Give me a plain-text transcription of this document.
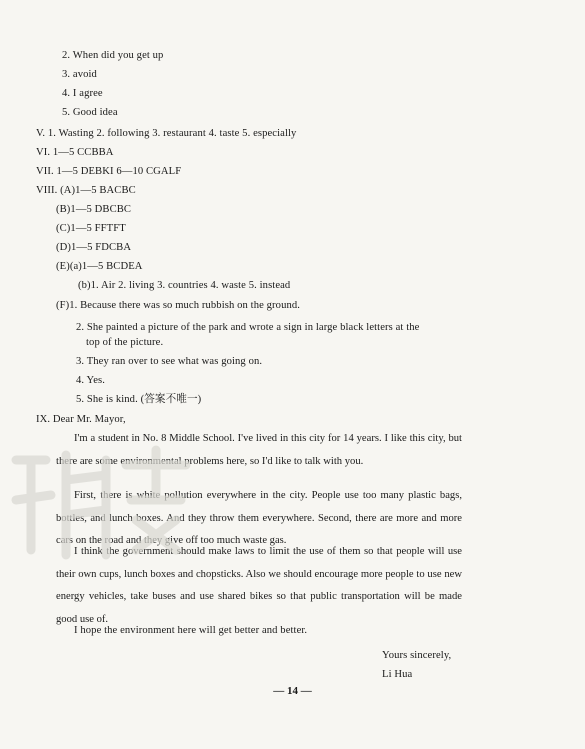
2. When did you get up
3. avoid
4. I agree
5. Good idea
V. 1. Wasting 2. following 3. restaurant 4. taste 5. especially
VI. 1—5 CCBBA
VII. 1—5 DEBKI 6—10 CGALF
VIII. (A)1—5 BACBC
(B)1—5 DBCBC
(C)1—5 FFTFT
(D)1—5 FDCBA
(E)(a)1—5 BCDEA
(b)1. Air 2. living 3. countries 4. waste 5. instead
(F)1. Because there was so much rubbish on the ground.
2. She painted a picture of the park and wrote a sign in large black letters at the
top of the picture.
3. They ran over to see what was going on.
4. Yes.
5. She is kind. (答案不唯一)
IX. Dear Mr. Mayor,
I'm a student in No. 8 Middle School. I've lived in this city for 14 years. I like this city, but there are some environmental problems here, so I'd like to talk with you.
First, there is white pollution everywhere in the city. People use too many plastic bags, bottles, and lunch boxes. And they throw them everywhere. Second, there are more and more cars on the road and they give off too much waste gas.
I think the government should make laws to limit the use of them so that people will use their own cups, lunch boxes and chopsticks. Also we should encourage more people to use new energy vehicles, take buses and use shared bikes so that public transportation will be made good use of.
I hope the environment here will get better and better.
Yours sincerely,
Li Hua
— 14 —
